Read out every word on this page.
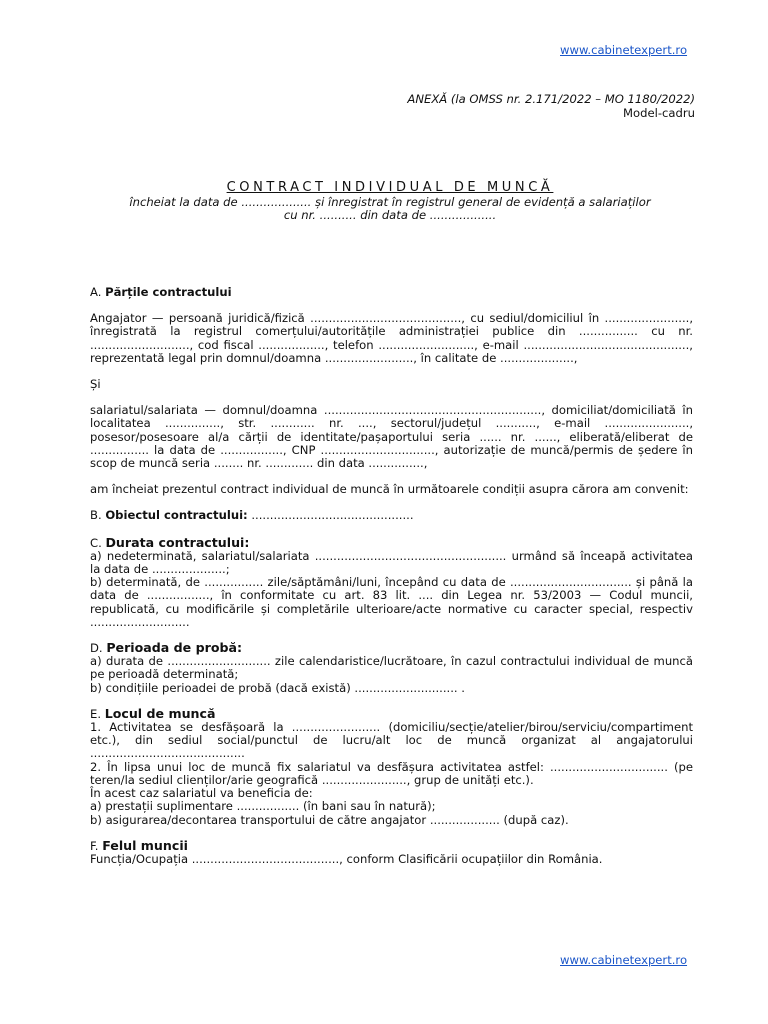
www.cabinetexpert.ro
ANEXĂ (la OMSS nr. 2.171/2022 – MO 1180/2022)
Model-cadru
CONTRACT INDIVIDUAL DE MUNCĂ
încheiat la data de ................... și înregistrat în registrul general de evidență a salariaților
cu nr. .......... din data de ..................

A. Părțile contractului

Angajator — persoană juridică/fizică ........................................., cu sediul/domiciliul în ......................., înregistrată la registrul comerțului/autoritățile administrației publice din ................ cu nr. ..........................., cod fiscal .................., telefon .........................., e-mail ............................................., reprezentată legal prin domnul/doamna ........................, în calitate de ....................,

Și

salariatul/salariata — domnul/doamna ..........................................................., domiciliat/domiciliată în localitatea ..............., str. ............ nr. ...., sectorul/județul ..........., e-mail ......................., posesor/posesoare al/a cărții de identitate/pașaportului seria ...... nr. ......, eliberată/eliberat de ................ la data de ................., CNP ..............................., autorizație de muncă/permis de ședere în scop de muncă seria ........ nr. ............. din data ...............,

am încheiat prezentul contract individual de muncă în următoarele condiții asupra cărora am convenit:

B. Obiectul contractului: ............................................

C. Durata contractului:

a) nedeterminată, salariatul/salariata .................................................... urmând să înceapă activitatea la data de ....................;

b) determinată, de ................ zile/săptămâni/luni, începând cu data de ................................. și până la data de ................., în conformitate cu art. 83 lit. .... din Legea nr. 53/2003 — Codul muncii, republicată, cu modificările și completările ulterioare/acte normative cu caracter special, respectiv ...........................

D. Perioada de probă:

a) durata de ............................ zile calendaristice/lucrătoare, în cazul contractului individual de muncă pe perioadă determinată;

b) condițiile perioadei de probă (dacă există) ............................ .

E. Locul de muncă

1. Activitatea se desfășoară la ........................ (domiciliu/secție/atelier/birou/serviciu/compartiment etc.), din sediul social/punctul de lucru/alt loc de muncă organizat al angajatorului ..........................................

2. În lipsa unui loc de muncă fix salariatul va desfășura activitatea astfel: ................................ (pe teren/la sediul clienților/arie geografică ......................., grup de unități etc.).

În acest caz salariatul va beneficia de:

a) prestații suplimentare ................. (în bani sau în natură);

b) asigurarea/decontarea transportului de către angajator ................... (după caz).

F. Felul muncii

Funcția/Ocupația ........................................, conform Clasificării ocupațiilor din România.

www.cabinetexpert.ro
